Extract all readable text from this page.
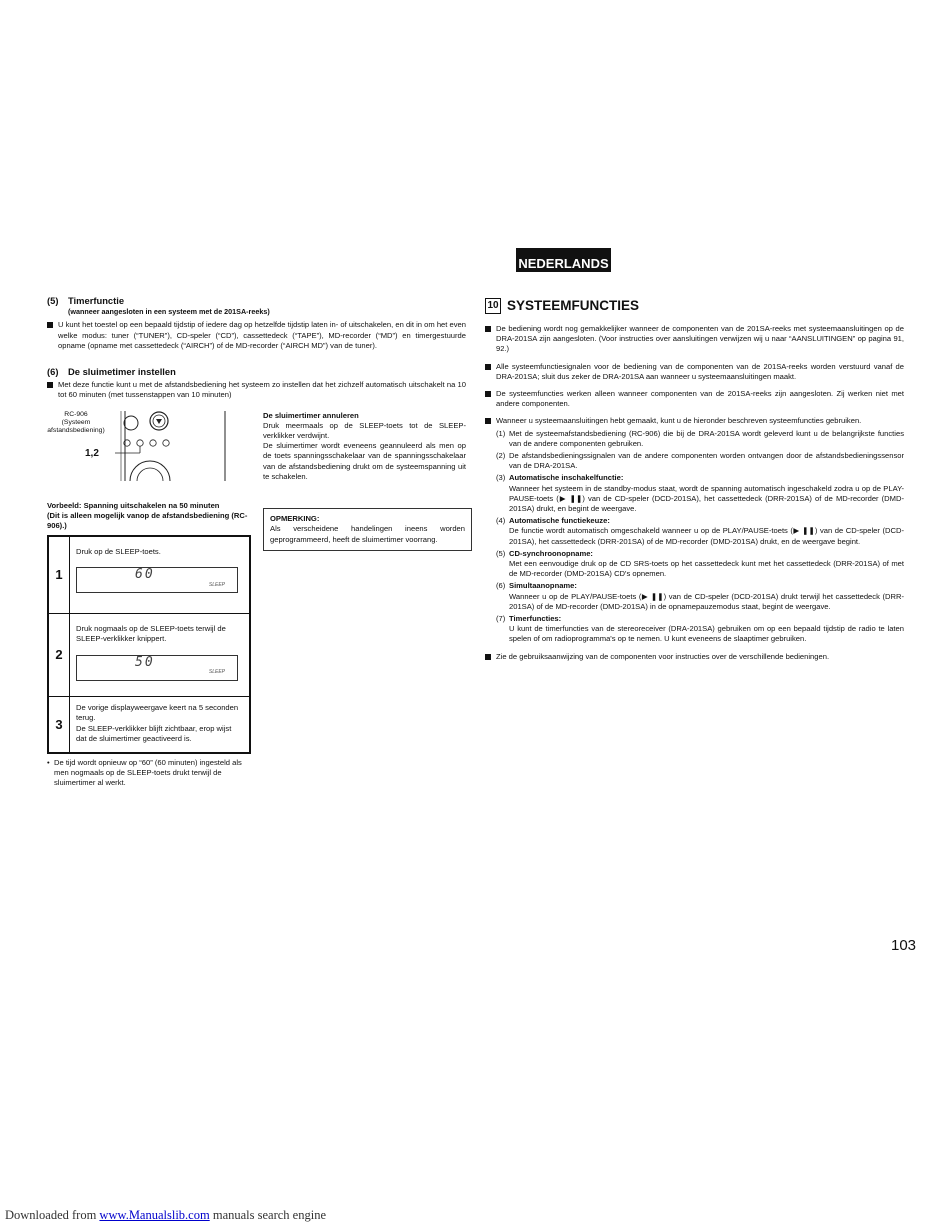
NEDERLANDS
(5) Timerfunctie
(wanneer aangesloten in een systeem met de 201SA-reeks)
U kunt het toestel op een bepaald tijdstip of iedere dag op hetzelfde tijdstip laten in- of uitschakelen, en dit in om het even welke modus: tuner (“TUNER”), CD-speler (“CD”), cassettedeck (“TAPE”), MD-recorder (“MD”) en timergestuurde opname (opname met cassettedeck (“AIRCH”) of de MD-recorder (“AIRCH MD”) van de tuner).
(6) De sluimetimer instellen
Met deze functie kunt u met de afstandsbediening het systeem zo instellen dat het zichzelf automatisch uitschakelt na 10 tot 60 minuten (met tussenstappen van 10 minuten)
RC-906
(Systeem
afstandsbediening)
1,2
De sluimertimer annuleren
Druk meermaals op de SLEEP-toets tot de SLEEP-verklikker verdwijnt.
De sluimertimer wordt eveneens geannuleerd als men op de toets spanningsschakelaar van de spanningsschakelaar van de afstandsbediening drukt om de systeemspanning uit te schakelen.
Vorbeeld: Spanning uitschakelen na 50 minuten
(Dit is alleen mogelijk vanop de afstandsbediening (RC-906).)
1
Druk op de SLEEP-toets.
60
SLEEP
2
Druk nogmaals op de SLEEP-toets terwijl de SLEEP-verklikker knippert.
50
SLEEP
3
De vorige displayweergave keert na 5 seconden terug.
De SLEEP-verklikker blijft zichtbaar, erop wijst dat de sluimertimer geactiveerd is.
OPMERKING:
Als verscheidene handelingen ineens worden geprogrammeerd, heeft de sluimertimer voorrang.
• De tijd wordt opnieuw op “60” (60 minuten) ingesteld als men nogmaals op de SLEEP-toets drukt terwijl de sluimertimer al werkt.
10 SYSTEEMFUNCTIES
De bediening wordt nog gemakkelijker wanneer de componenten van de 201SA-reeks met systeemaansluitingen op de DRA-201SA zijn aangesloten. (Voor instructies over aansluitingen verwijzen wij u naar “AANSLUITINGEN” op pagina 91, 92.)
Alle systeemfunctiesignalen voor de bediening van de componenten van de 201SA-reeks worden verstuurd vanaf de DRA-201SA; sluit dus zeker de DRA-201SA aan wanneer u systeemaansluitingen maakt.
De systeemfuncties werken alleen wanneer componenten van de 201SA-reeks zijn aangesloten. Zij werken niet met andere componenten.
Wanneer u systeemaansluitingen hebt gemaakt, kunt u de hieronder beschreven systeemfuncties gebruiken.
(1) Met de systeemafstandsbediening (RC-906) die bij de DRA-201SA wordt geleverd kunt u de belangrijkste functies van de andere componenten gebruiken.
(2) De afstandsbedieningssignalen van de andere componenten worden ontvangen door de afstandsbedieningssensor van de DRA-201SA.
(3) Automatische inschakelfunctie:
Wanneer het systeem in de standby-modus staat, wordt de spanning automatisch ingeschakeld zodra u op de PLAY-PAUSE-toets (▶ ❚❚) van de CD-speler (DCD-201SA), het cassettedeck (DRR-201SA) of de MD-recorder (DMD-201SA) drukt, en begint de weergave.
(4) Automatische functiekeuze:
De functie wordt automatisch omgeschakeld wanneer u op de PLAY/PAUSE-toets (▶ ❚❚) van de CD-speler (DCD-201SA), het cassettedeck (DRR-201SA) of de MD-recorder (DMD-201SA) drukt, en de weergave begint.
(5) CD-synchroonopname:
Met een eenvoudige druk op de CD SRS-toets op het cassettedeck kunt met het cassettedeck (DRR-201SA) of met de MD-recorder (DMD-201SA) CD's opnemen.
(6) Simultaanopname:
Wanneer u op de PLAY/PAUSE-toets (▶ ❚❚) van de CD-speler (DCD-201SA) drukt terwijl het cassettedeck (DRR-201SA) of de MD-recorder (DMD-201SA) in de opnamepauzemodus staat, begint de weergave.
(7) Timerfuncties:
U kunt de timerfuncties van de stereoreceiver (DRA-201SA) gebruiken om op een bepaald tijdstip de radio te laten spelen of om radioprogramma's op te nemen. U kunt eveneens de slaaptimer gebruiken.
Zie de gebruiksaanwijzing van de componenten voor instructies over de verschillende bedieningen.
103
Downloaded from www.Manualslib.com manuals search engine
